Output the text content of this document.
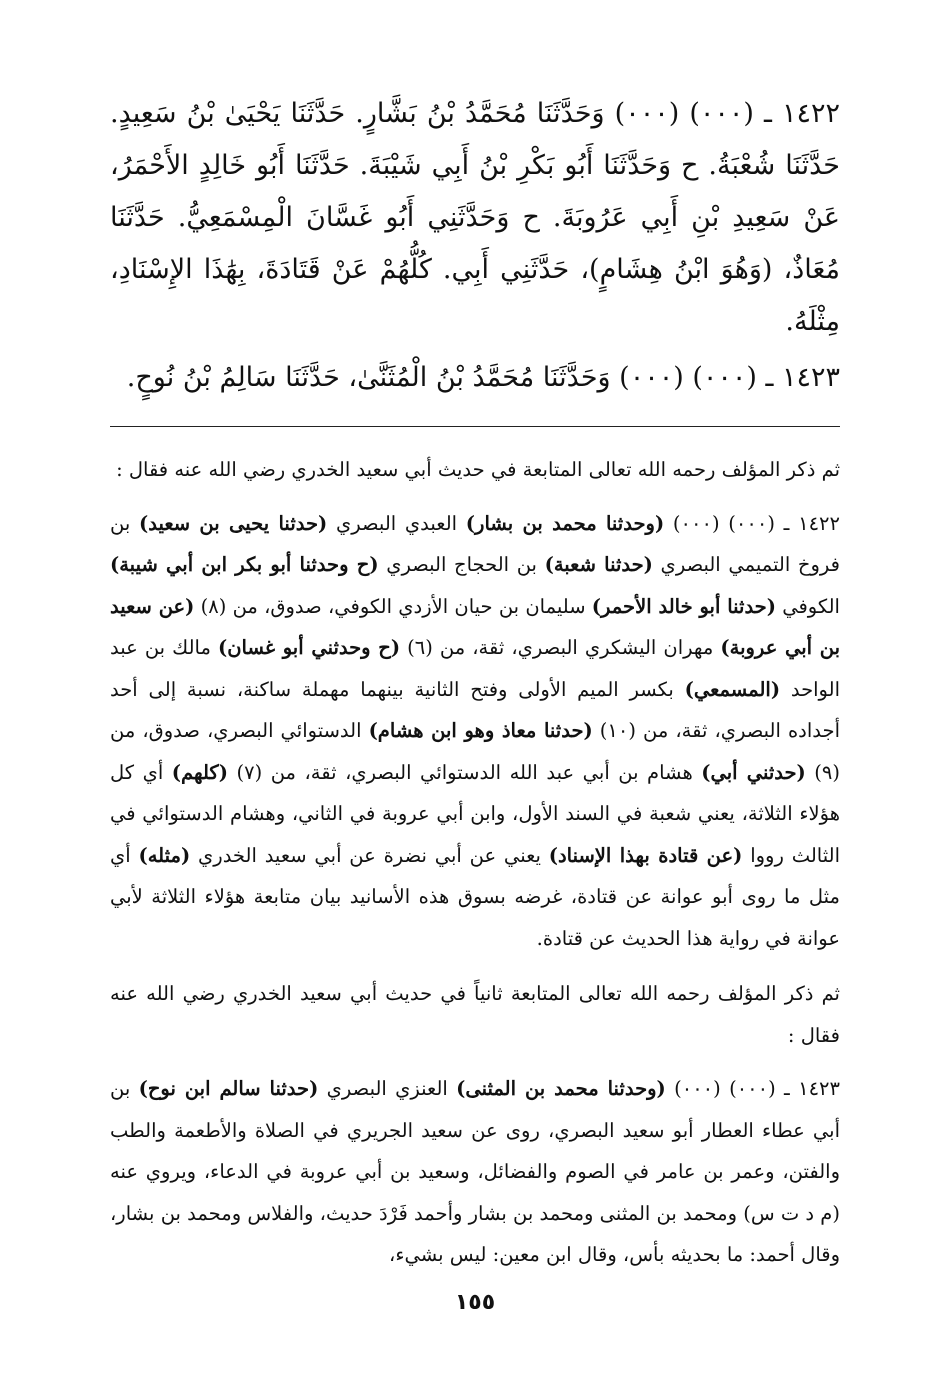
١٤٢٢ ـ (٠٠٠) (٠٠٠) وَحَدَّثَنَا مُحَمَّدُ بْنُ بَشَّارٍ. حَدَّثَنَا يَحْيَىٰ بْنُ سَعِيدٍ. حَدَّثَنَا شُعْبَةُ. ح وَحَدَّثَنَا أَبُو بَكْرِ بْنُ أَبِي شَيْبَةَ. حَدَّثَنَا أَبُو خَالِدٍ الأَحْمَرُ، عَنْ سَعِيدِ بْنِ أَبِي عَرُوبَةَ. ح وَحَدَّثَنِي أَبُو غَسَّانَ الْمِسْمَعِيُّ. حَدَّثَنَا مُعَاذٌ، (وَهُوَ ابْنُ هِشَامٍ)، حَدَّثَنِي أَبِي. كُلُّهُمْ عَنْ قَتَادَةَ، بِهَٰذَا الإِسْنَادِ، مِثْلَهُ.

١٤٢٣ ـ (٠٠٠) (٠٠٠) وَحَدَّثَنَا مُحَمَّدُ بْنُ الْمُثَنَّىٰ، حَدَّثَنَا سَالِمُ بْنُ نُوحٍ.

ثم ذكر المؤلف رحمه الله تعالى المتابعة في حديث أبي سعيد الخدري رضي الله عنه فقال :

١٤٢٢ ـ (٠٠٠) (٠٠٠) (وحدثنا محمد بن بشار) العبدي البصري (حدثنا يحيى بن سعيد) بن فروخ التميمي البصري (حدثنا شعبة) بن الحجاج البصري (ح وحدثنا أبو بكر ابن أبي شيبة) الكوفي (حدثنا أبو خالد الأحمر) سليمان بن حيان الأزدي الكوفي، صدوق، من (٨) (عن سعيد بن أبي عروبة) مهران اليشكري البصري، ثقة، من (٦) (ح وحدثني أبو غسان) مالك بن عبد الواحد (المسمعي) بكسر الميم الأولى وفتح الثانية بينهما مهملة ساكنة، نسبة إلى أحد أجداده البصري، ثقة، من (١٠) (حدثنا معاذ وهو ابن هشام) الدستوائي البصري، صدوق، من (٩) (حدثني أبي) هشام بن أبي عبد الله الدستوائي البصري، ثقة، من (٧) (كلهم) أي كل هؤلاء الثلاثة، يعني شعبة في السند الأول، وابن أبي عروبة في الثاني، وهشام الدستوائي في الثالث رووا (عن قتادة بهذا الإسناد) يعني عن أبي نضرة عن أبي سعيد الخدري (مثله) أي مثل ما روى أبو عوانة عن قتادة، غرضه بسوق هذه الأسانيد بيان متابعة هؤلاء الثلاثة لأبي عوانة في رواية هذا الحديث عن قتادة.

ثم ذكر المؤلف رحمه الله تعالى المتابعة ثانياً في حديث أبي سعيد الخدري رضي الله عنه فقال :

١٤٢٣ ـ (٠٠٠) (٠٠٠) (وحدثنا محمد بن المثنى) العنزي البصري (حدثنا سالم ابن نوح) بن أبي عطاء العطار أبو سعيد البصري، روى عن سعيد الجريري في الصلاة والأطعمة والطب والفتن، وعمر بن عامر في الصوم والفضائل، وسعيد بن أبي عروبة في الدعاء، ويروي عنه (م د ت س) ومحمد بن المثنى ومحمد بن بشار وأحمد فَرْدَ حديث، والفلاس ومحمد بن بشار، وقال أحمد: ما بحديثه بأس، وقال ابن معين: ليس بشيء،

١٥٥
